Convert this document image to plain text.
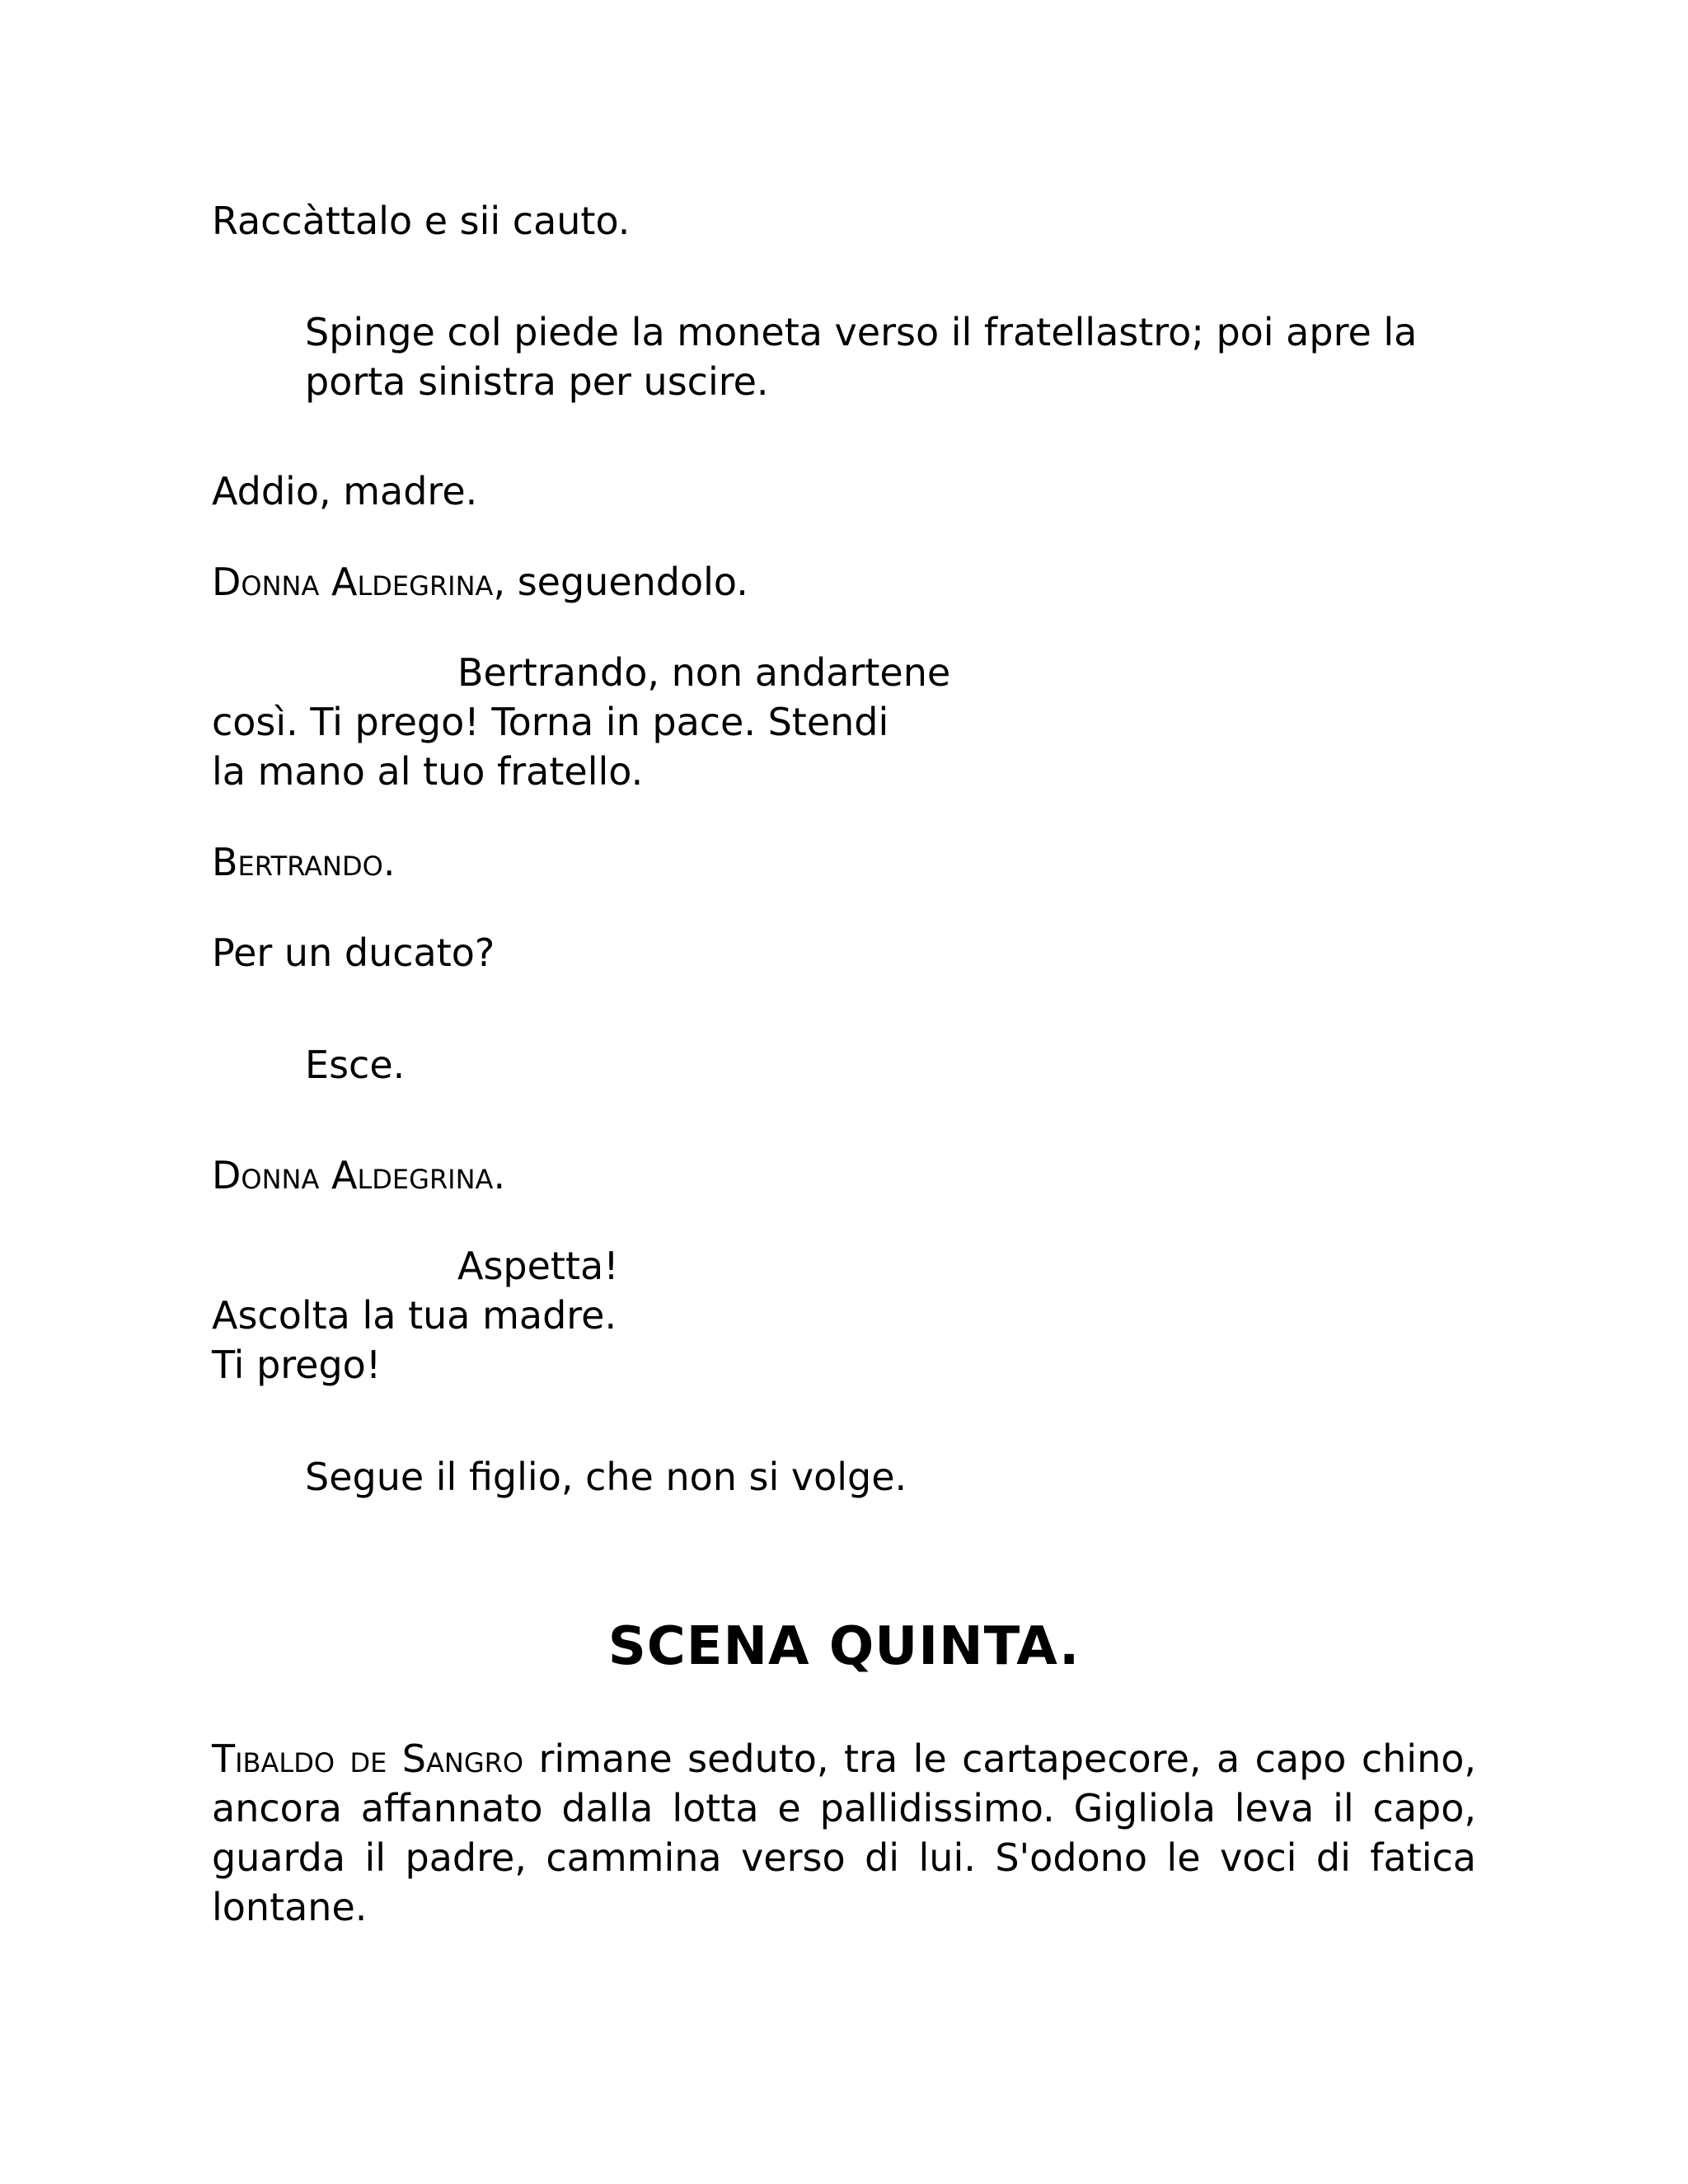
Raccàttalo e sii cauto.

Spinge col piede la moneta verso il fratellastro; poi apre la

porta sinistra per uscire.

Addio, madre.

Donna Aldegrina, seguendolo.

Bertrando, non andartene

così. Ti prego! Torna in pace. Stendi

la mano al tuo fratello.

Bertrando.

Per un ducato?

Esce.

Donna Aldegrina.

Aspetta!

Ascolta la tua madre.

Ti prego!

Segue il figlio, che non si volge.

SCENA QUINTA.
Tibaldo de Sangro rimane seduto, tra le cartapecore, a capo chino,
ancora affannato dalla lotta e pallidissimo. Gigliola leva il capo,
guarda il padre, cammina verso di lui. S'odono le voci di fatica
lontane.
